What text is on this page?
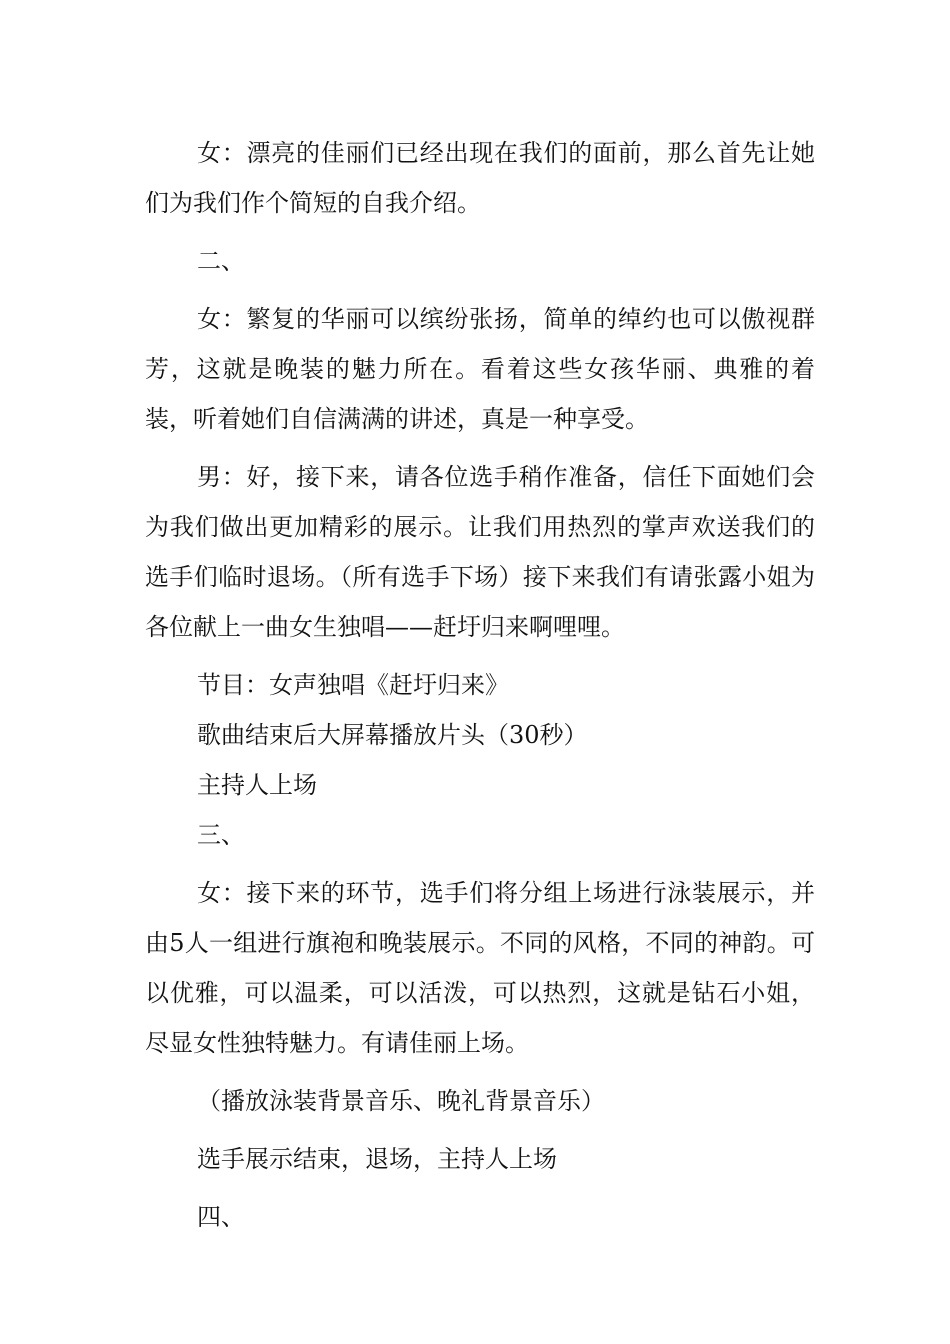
女：漂亮的佳丽们已经出现在我们的面前，那么首先让她们为我们作个简短的自我介绍。

二、

女：繁复的华丽可以缤纷张扬，简单的绰约也可以傲视群芳，这就是晚装的魅力所在。看着这些女孩华丽、典雅的着装，听着她们自信满满的讲述，真是一种享受。

男：好，接下来，请各位选手稍作准备，信任下面她们会为我们做出更加精彩的展示。让我们用热烈的掌声欢送我们的选手们临时退场。（所有选手下场）接下来我们有请张露小姐为各位献上一曲女生独唱——赶圩归来啊哩哩。

节目：女声独唱《赶圩归来》

歌曲结束后大屏幕播放片头（30秒）

主持人上场

三、

女：接下来的环节，选手们将分组上场进行泳装展示，并由5人一组进行旗袍和晚装展示。不同的风格，不同的神韵。可以优雅，可以温柔，可以活泼，可以热烈，这就是钻石小姐，尽显女性独特魅力。有请佳丽上场。

（播放泳装背景音乐、晚礼背景音乐）

选手展示结束，退场，主持人上场

四、
